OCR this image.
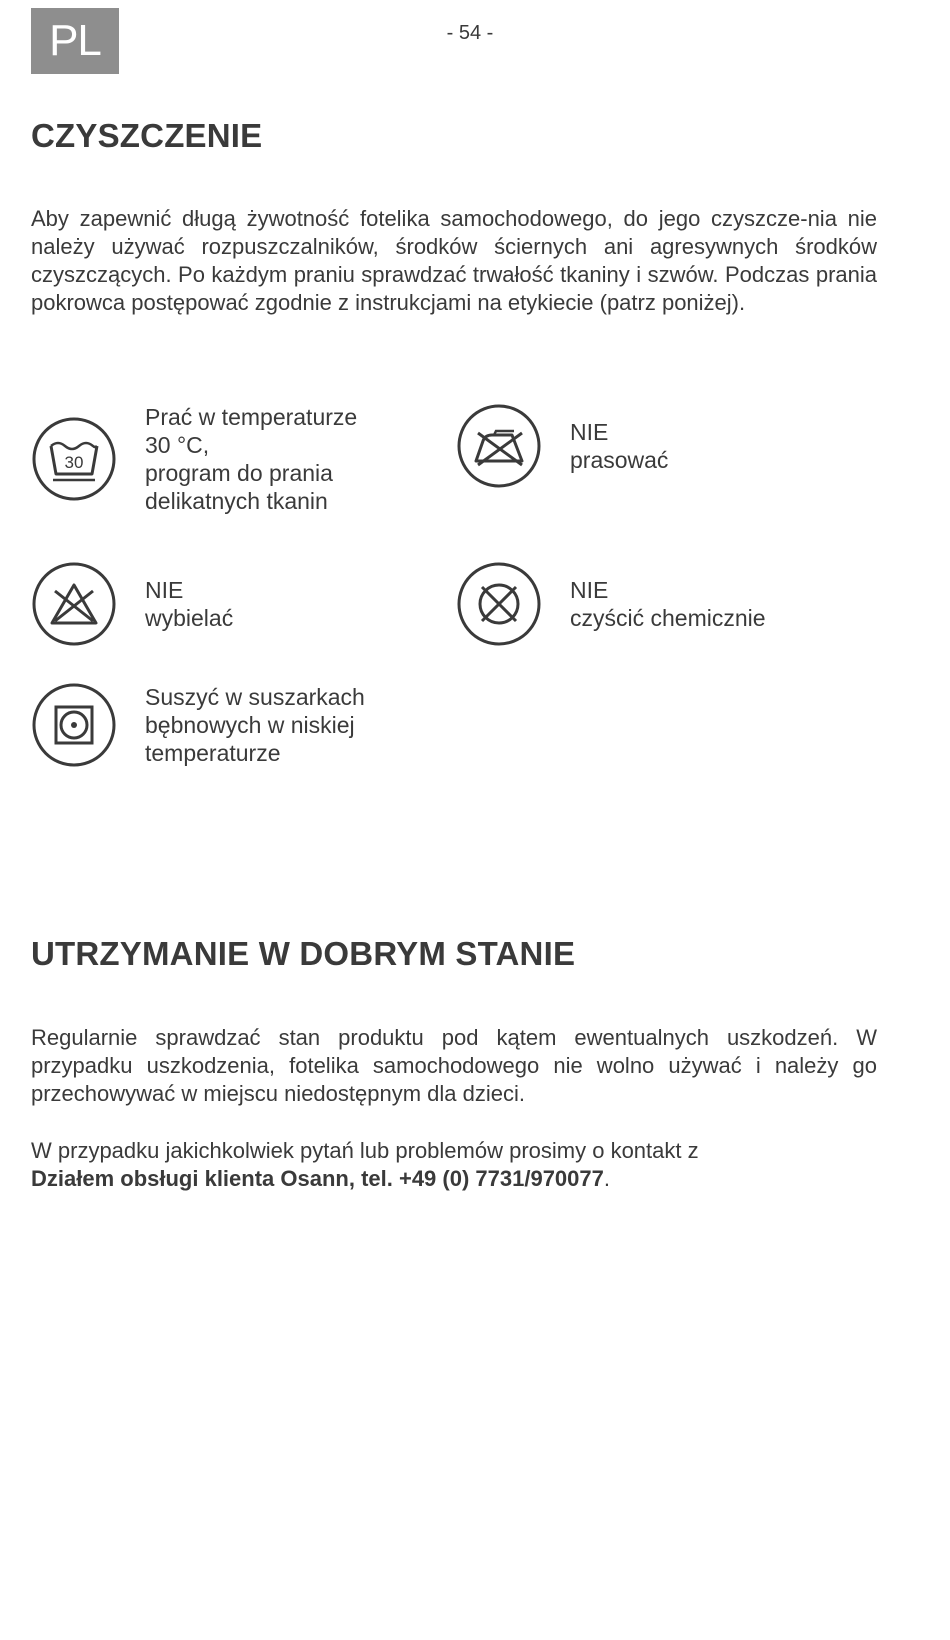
PL	- 54 -
CZYSZCZENIE

Aby zapewnić długą żywotność fotelika samochodowego, do jego czyszcze-nia nie należy używać rozpuszczalników, środków ściernych ani agresywnych środków czyszczących. Po każdym praniu sprawdzać trwałość tkaniny i szwów. Podczas prania pokrowca postępować zgodnie z instrukcjami na etykiecie (patrz poniżej).

30
Prać w temperaturze
30 °C,
program do prania
delikatnych tkanin
NIE
prasować
NIE
wybielać
NIE
czyścić chemicznie
Suszyć w suszarkach
bębnowych w niskiej
temperaturze
UTRZYMANIE W DOBRYM STANIE

Regularnie sprawdzać stan produktu pod kątem ewentualnych uszkodzeń. W przypadku uszkodzenia, fotelika samochodowego nie wolno używać i należy go przechowywać w miejscu niedostępnym dla dzieci.

W przypadku jakichkolwiek pytań lub problemów prosimy o kontakt z
Działem obsługi klienta Osann, tel. +49 (0) 7731/970077.
